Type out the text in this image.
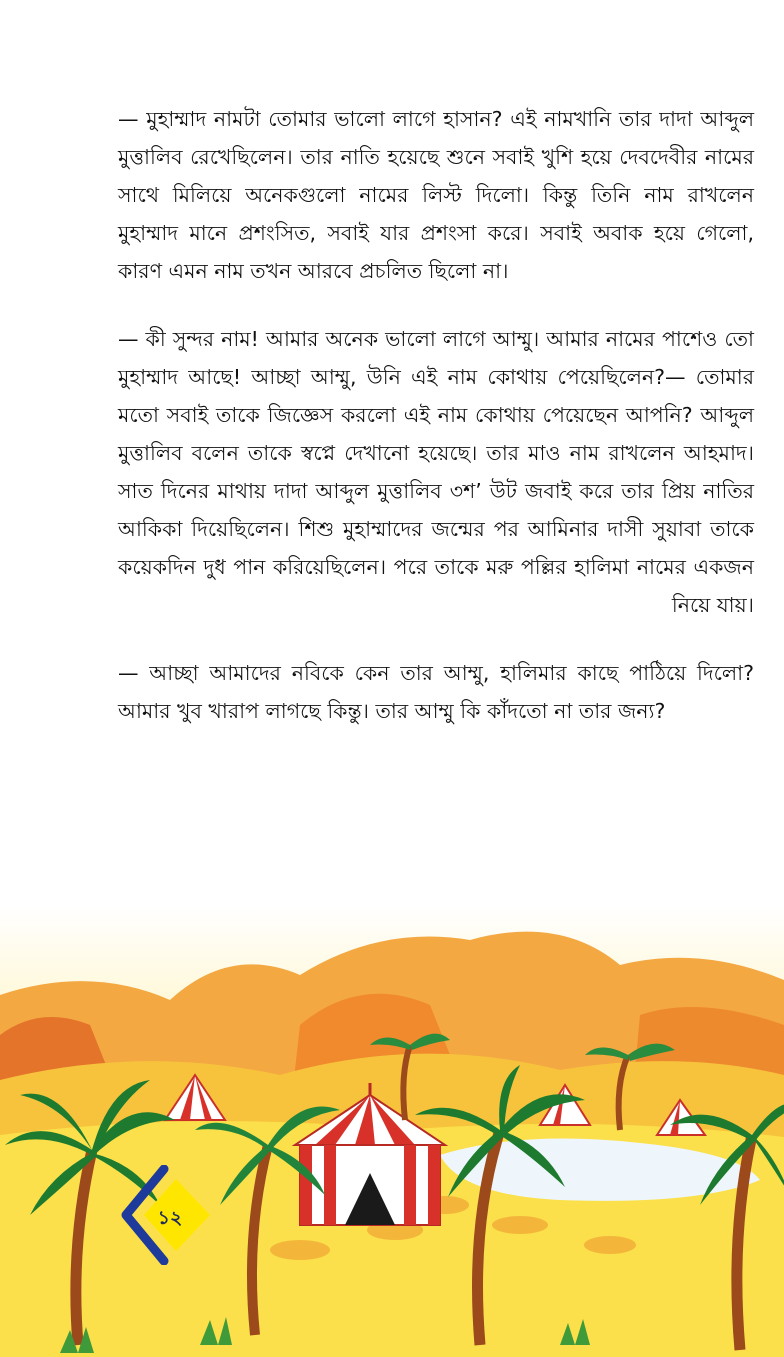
— মুহাম্মাদ নামটা তোমার ভালো লাগে হাসান? এই নামখানি তার দাদা আব্দুল মুত্তালিব রেখেছিলেন। তার নাতি হয়েছে শুনে সবাই খুশি হয়ে দেবদেবীর নামের সাথে মিলিয়ে অনেকগুলো নামের লিস্ট দিলো। কিন্তু তিনি নাম রাখলেন মুহাম্মাদ মানে প্রশংসিত, সবাই যার প্রশংসা করে। সবাই অবাক হয়ে গেলো, কারণ এমন নাম তখন আরবে প্রচলিত ছিলো না।

— কী সুন্দর নাম! আমার অনেক ভালো লাগে আম্মু। আমার নামের পাশেও তো মুহাম্মাদ আছে! আচ্ছা আম্মু, উনি এই নাম কোথায় পেয়েছিলেন?— তোমার মতো সবাই তাকে জিজ্ঞেস করলো এই নাম কোথায় পেয়েছেন আপনি? আব্দুল মুত্তালিব বলেন তাকে স্বপ্নে দেখানো হয়েছে। তার মাও নাম রাখলেন আহমাদ। সাত দিনের মাথায় দাদা আব্দুল মুত্তালিব ৩শ’ উট জবাই করে তার প্রিয় নাতির আকিকা দিয়েছিলেন। শিশু মুহাম্মাদের জন্মের পর আমিনার দাসী সুয়াবা তাকে কয়েকদিন দুধ পান করিয়েছিলেন। পরে তাকে মরু পল্লির হালিমা নামের একজন নিয়ে যায়।

— আচ্ছা আমাদের নবিকে কেন তার আম্মু, হালিমার কাছে পাঠিয়ে দিলো? আমার খুব খারাপ লাগছে কিন্তু। তার আম্মু কি কাঁদতো না তার জন্য?

১২
